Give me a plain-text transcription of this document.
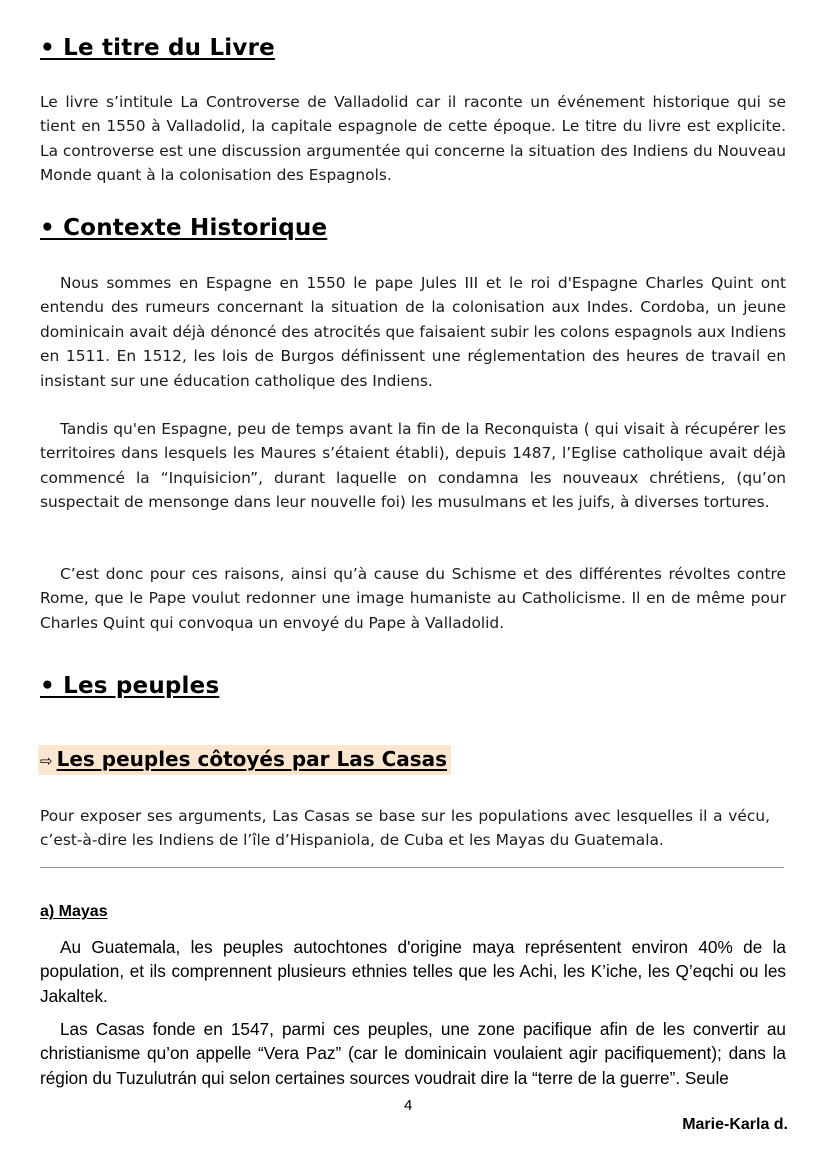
• Le titre du Livre

Le livre s’intitule La Controverse de Valladolid car il raconte un événement historique qui se tient en 1550 à Valladolid, la capitale espagnole de cette époque. Le titre du livre est explicite. La controverse est une discussion argumentée qui concerne la situation des Indiens du Nouveau Monde quant à la colonisation des Espagnols.

• Contexte Historique

Nous sommes en Espagne en 1550 le pape Jules III et le roi d'Espagne Charles Quint ont entendu des rumeurs concernant la situation de la colonisation aux Indes. Cordoba, un jeune dominicain avait déjà dénoncé des atrocités que faisaient subir les colons espagnols aux Indiens en 1511. En 1512, les lois de Burgos définissent une réglementation des heures de travail en insistant sur une éducation catholique des Indiens.

Tandis qu'en Espagne, peu de temps avant la fin de la Reconquista ( qui visait à récupérer les territoires dans lesquels les Maures s’étaient établi), depuis 1487, l’Eglise catholique avait déjà commencé la “Inquisicion”, durant laquelle on condamna les nouveaux chrétiens, (qu’on suspectait de mensonge dans leur nouvelle foi) les musulmans et les juifs, à diverses tortures.

C’est donc pour ces raisons, ainsi qu’à cause du Schisme et des différentes révoltes contre Rome, que le Pape voulut redonner une image humaniste au Catholicisme. Il en de même pour Charles Quint qui convoqua un envoyé du Pape à Valladolid.

• Les peuples
⇨ Les peuples côtoyés par Las Casas

Pour exposer ses arguments, Las Casas se base sur les populations avec lesquelles il a vécu, c’est-à-dire les Indiens de l’île d’Hispaniola, de Cuba et les Mayas du Guatemala.

a) Mayas

Au Guatemala, les peuples autochtones d'origine maya représentent environ 40% de la population, et ils comprennent plusieurs ethnies telles que les Achi, les K’iche, les Q’eqchi ou les Jakaltek.

Las Casas fonde en 1547, parmi ces peuples, une zone pacifique afin de les convertir au christianisme qu’on appelle “Vera Paz” (car le dominicain voulaient agir pacifiquement); dans la région du Tuzulutrán qui selon certaines sources voudrait dire la “terre de la guerre”. Seule

4
Marie-Karla d.
